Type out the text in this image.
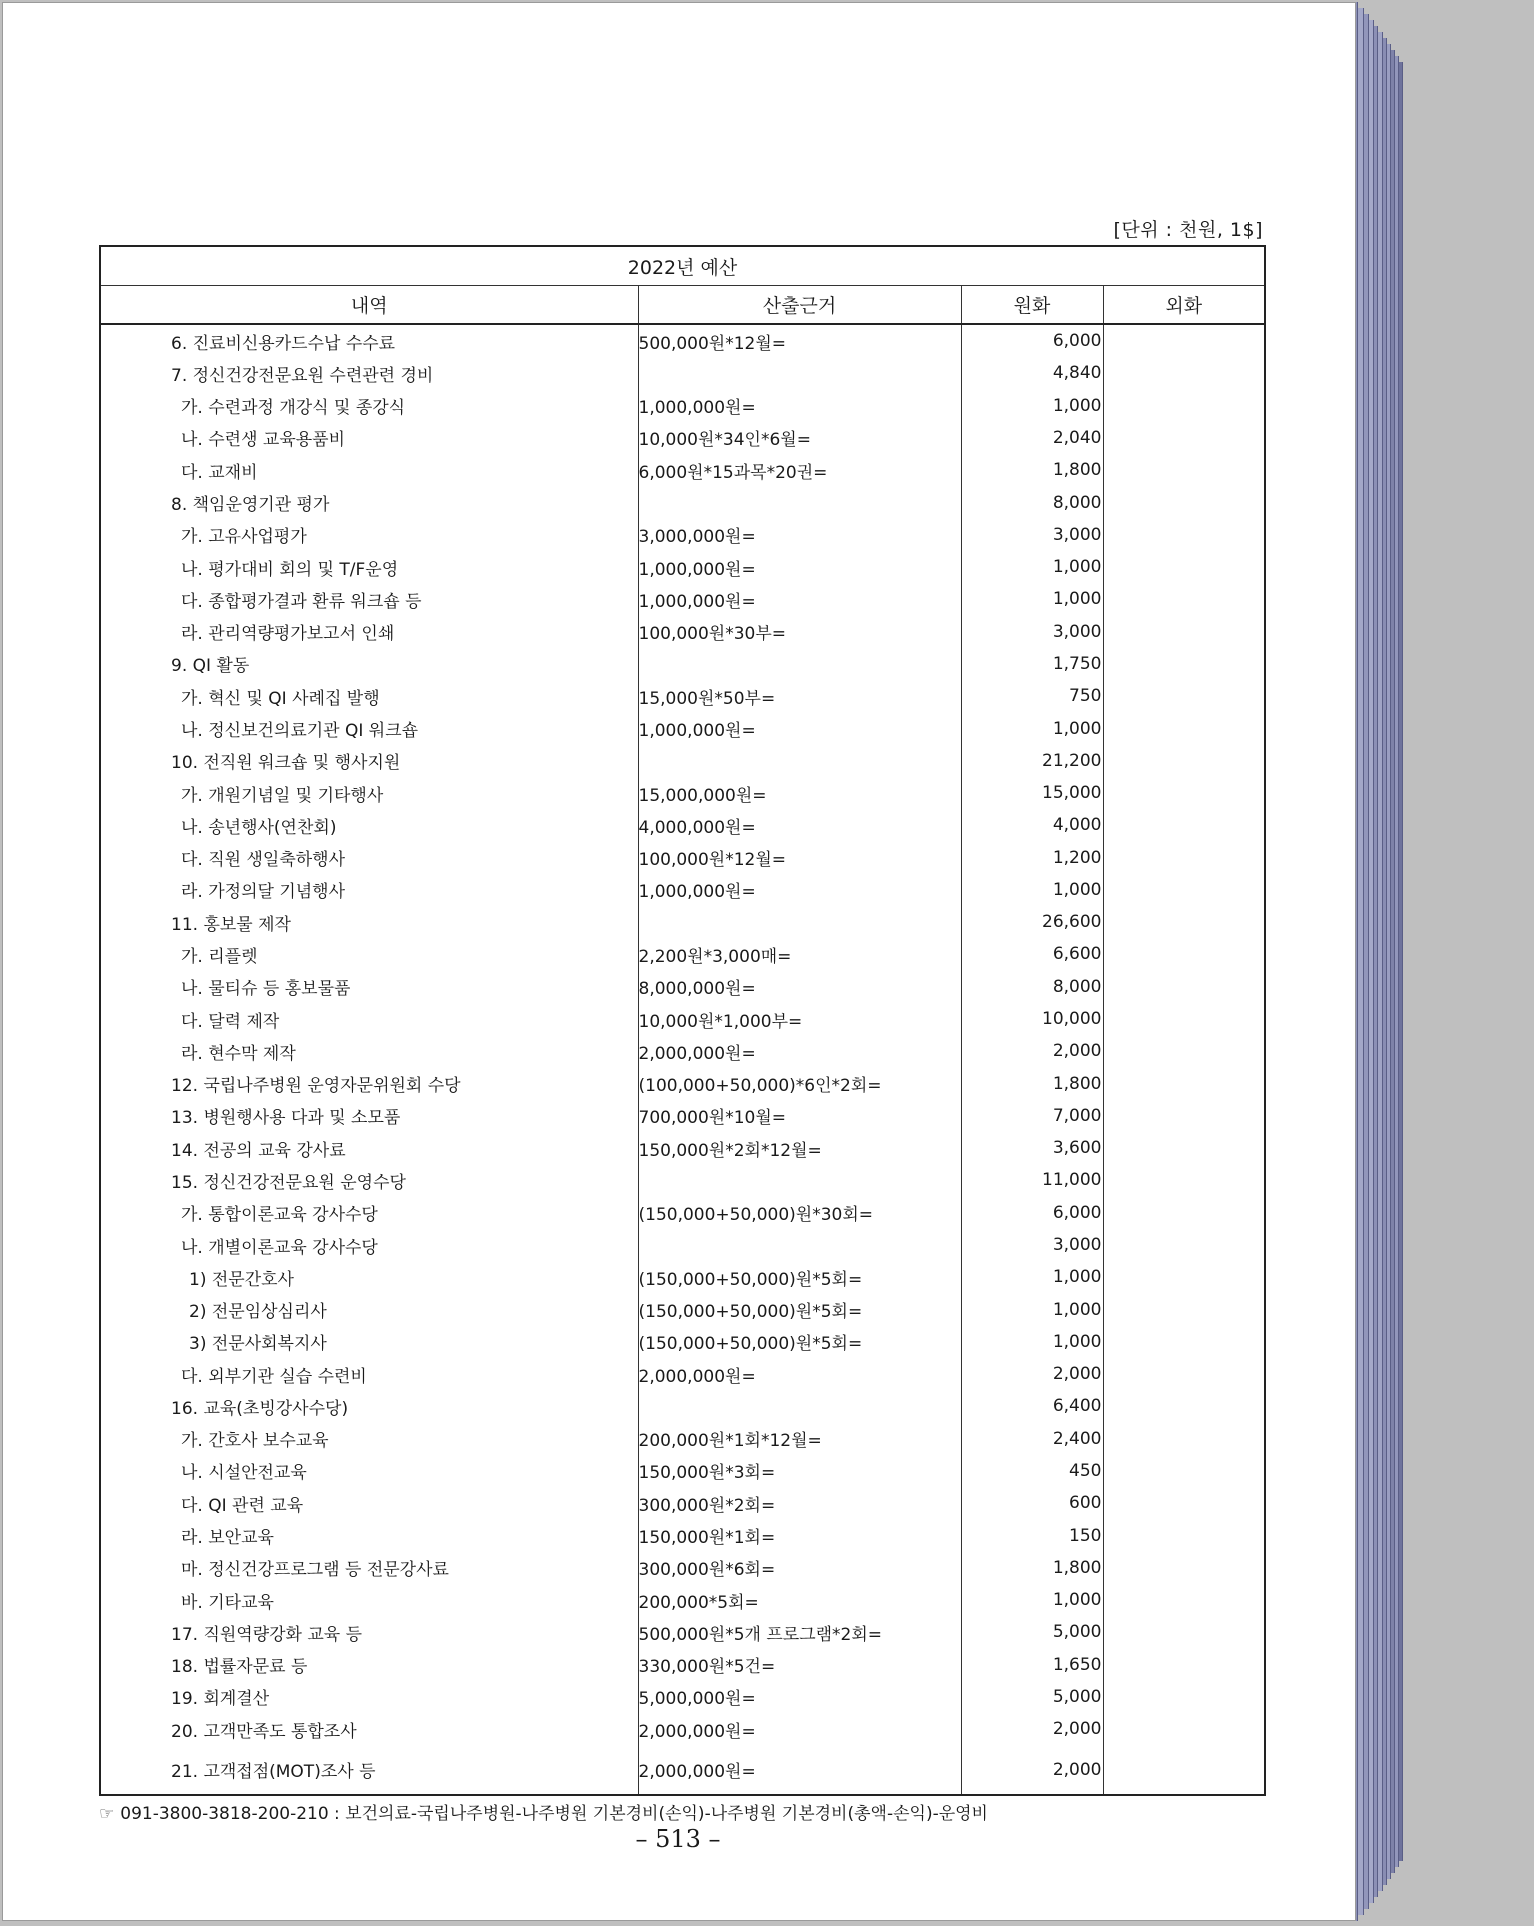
[단위 : 천원, 1$]
2022년 예산			
내역	산출근거	원화	외화
6. 진료비신용카드수납 수수료	500,000원*12월=	6,000	
7. 정신건강전문요원 수련관련 경비		4,840	
가. 수련과정 개강식 및 종강식	1,000,000원=	1,000	
나. 수련생 교육용품비	10,000원*34인*6월=	2,040	
다. 교재비	6,000원*15과목*20권=	1,800	
8. 책임운영기관 평가		8,000	
가. 고유사업평가	3,000,000원=	3,000	
나. 평가대비 회의 및 T/F운영	1,000,000원=	1,000	
다. 종합평가결과 환류 워크숍 등	1,000,000원=	1,000	
라. 관리역량평가보고서 인쇄	100,000원*30부=	3,000	
9. QI 활동		1,750	
가. 혁신 및 QI 사례집 발행	15,000원*50부=	750	
나. 정신보건의료기관 QI 워크숍	1,000,000원=	1,000	
10. 전직원 워크숍 및 행사지원		21,200	
가. 개원기념일 및 기타행사	15,000,000원=	15,000	
나. 송년행사(연찬회)	4,000,000원=	4,000	
다. 직원 생일축하행사	100,000원*12월=	1,200	
라. 가정의달 기념행사	1,000,000원=	1,000	
11. 홍보물 제작		26,600	
가. 리플렛	2,200원*3,000매=	6,600	
나. 물티슈 등 홍보물품	8,000,000원=	8,000	
다. 달력 제작	10,000원*1,000부=	10,000	
라. 현수막 제작	2,000,000원=	2,000	
12. 국립나주병원 운영자문위원회 수당	(100,000+50,000)*6인*2회=	1,800	
13. 병원행사용 다과 및 소모품	700,000원*10월=	7,000	
14. 전공의 교육 강사료	150,000원*2회*12월=	3,600	
15. 정신건강전문요원 운영수당		11,000	
가. 통합이론교육 강사수당	(150,000+50,000)원*30회=	6,000	
나. 개별이론교육 강사수당		3,000	
1) 전문간호사	(150,000+50,000)원*5회=	1,000	
2) 전문임상심리사	(150,000+50,000)원*5회=	1,000	
3) 전문사회복지사	(150,000+50,000)원*5회=	1,000	
다. 외부기관 실습 수련비	2,000,000원=	2,000	
16. 교육(초빙강사수당)		6,400	
가. 간호사 보수교육	200,000원*1회*12월=	2,400	
나. 시설안전교육	150,000원*3회=	450	
다. QI 관련 교육	300,000원*2회=	600	
라. 보안교육	150,000원*1회=	150	
마. 정신건강프로그램 등 전문강사료	300,000원*6회=	1,800	
바. 기타교육	200,000*5회=	1,000	
17. 직원역량강화 교육 등	500,000원*5개 프로그램*2회=	5,000	
18. 법률자문료 등	330,000원*5건=	1,650	
19. 회계결산	5,000,000원=	5,000	
20. 고객만족도 통합조사	2,000,000원=	2,000	
21. 고객접점(MOT)조사 등	2,000,000원=	2,000	
☞ 091-3800-3818-200-210 : 보건의료-국립나주병원-나주병원 기본경비(손익)-나주병원 기본경비(총액-손익)-운영비
– 513 –
